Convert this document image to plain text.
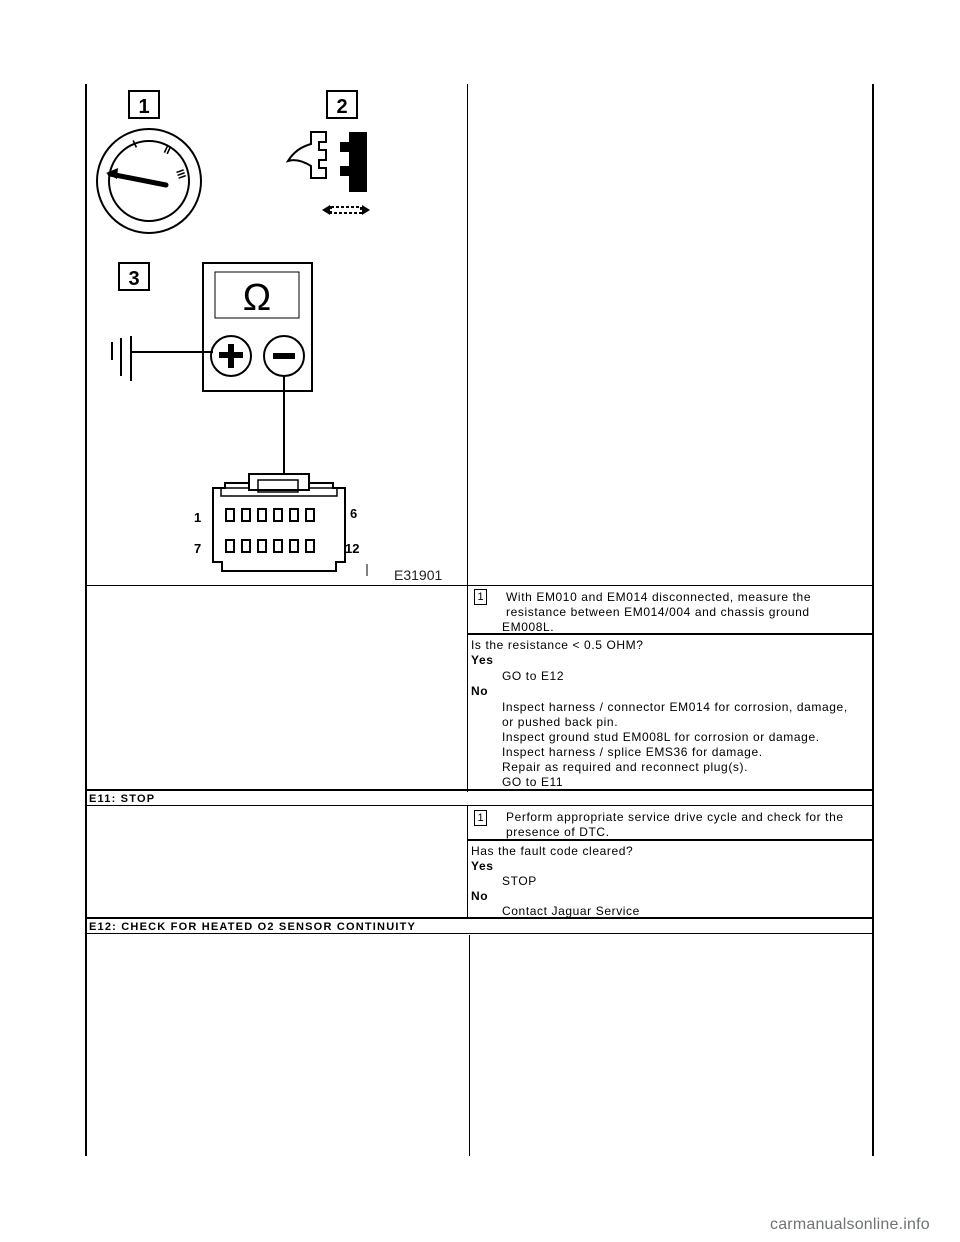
1	2
3
0
I II
III
Ω
1	6
7	12
E31901
1 With EM010 and EM014 disconnected, measure the
resistance between EM014/004 and chassis ground
EM008L.
Is the resistance < 0.5 OHM?
Yes
GO to E12
No
Inspect harness / connector EM014 for corrosion, damage,
or pushed back pin.
Inspect ground stud EM008L for corrosion or damage.
Inspect harness / splice EMS36 for damage.
Repair as required and reconnect plug(s).
GO to E11
E11: STOP
1 Perform appropriate service drive cycle and check for the
presence of DTC.
Has the fault code cleared?
Yes
STOP
No
Contact Jaguar Service
E12: CHECK FOR HEATED O2 SENSOR CONTINUITY
carmanualsonline.info
